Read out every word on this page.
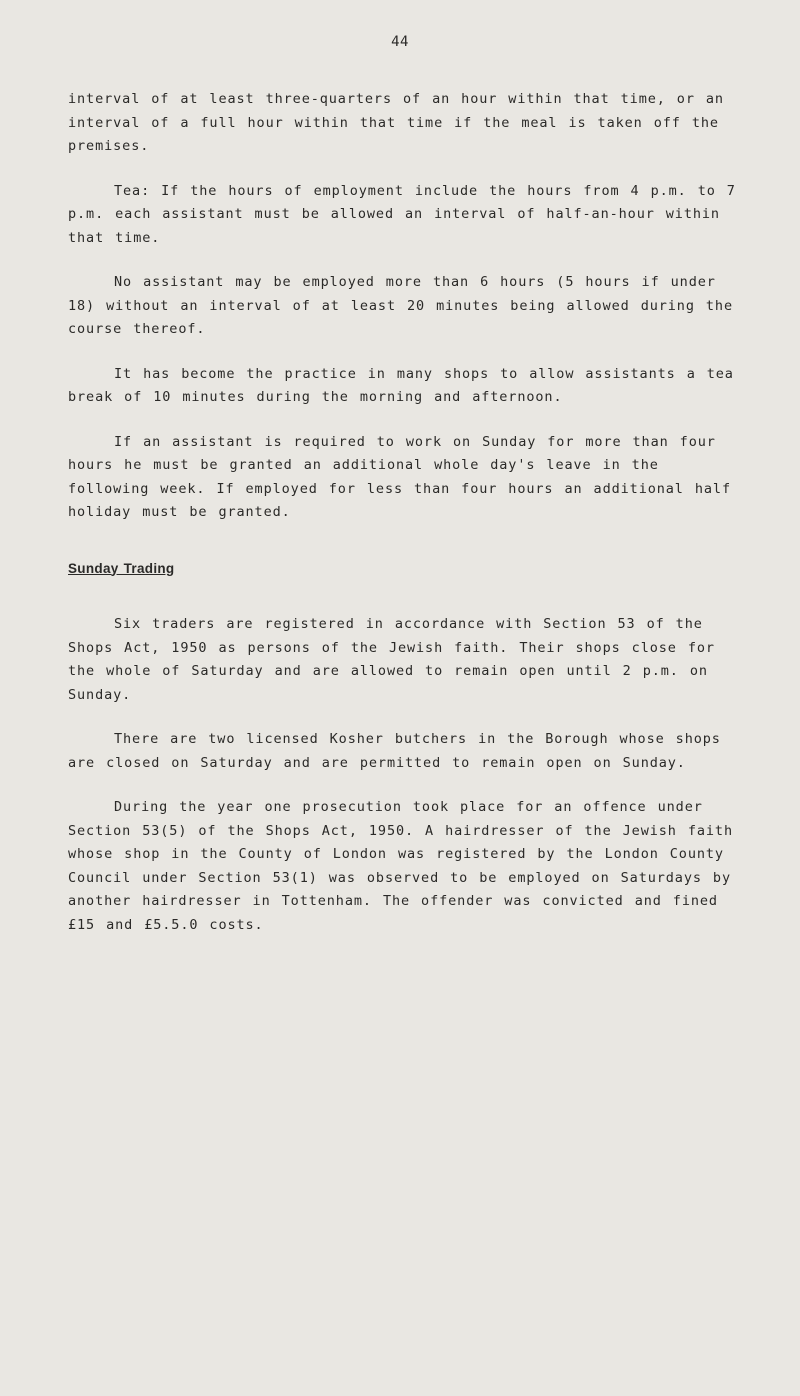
44

interval of at least three-quarters of an hour within that time, or an interval of a full hour within that time if the meal is taken off the premises.

Tea: If the hours of employment include the hours from 4 p.m. to 7 p.m. each assistant must be allowed an interval of half-an-hour within that time.

No assistant may be employed more than 6 hours (5 hours if under 18) without an interval of at least 20 minutes being allowed during the course thereof.

It has become the practice in many shops to allow assistants a tea break of 10 minutes during the morning and afternoon.

If an assistant is required to work on Sunday for more than four hours he must be granted an additional whole day's leave in the following week. If employed for less than four hours an additional half holiday must be granted.

Sunday Trading

Six traders are registered in accordance with Section 53 of the Shops Act, 1950 as persons of the Jewish faith. Their shops close for the whole of Saturday and are allowed to remain open until 2 p.m. on Sunday.

There are two licensed Kosher butchers in the Borough whose shops are closed on Saturday and are permitted to remain open on Sunday.

During the year one prosecution took place for an offence under Section 53(5) of the Shops Act, 1950. A hairdresser of the Jewish faith whose shop in the County of London was registered by the London County Council under Section 53(1) was observed to be employed on Saturdays by another hairdresser in Tottenham. The offender was convicted and fined £15 and £5.5.0 costs.
